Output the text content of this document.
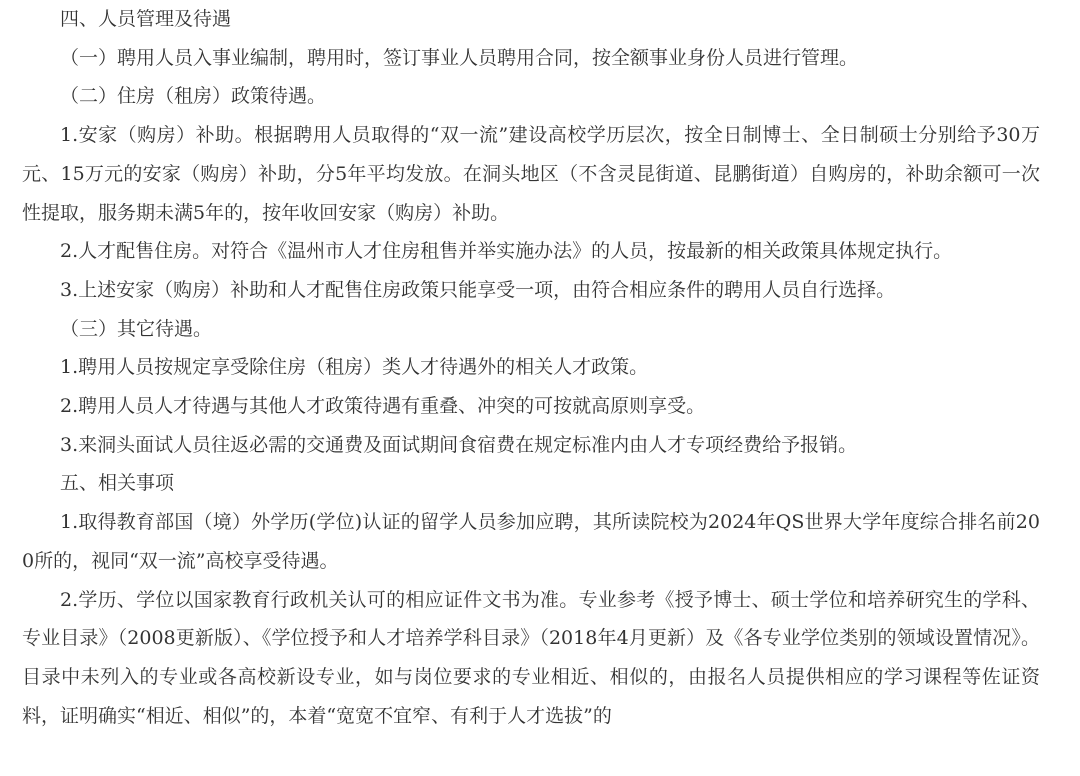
四、人员管理及待遇

（一）聘用人员入事业编制，聘用时，签订事业人员聘用合同，按全额事业身份人员进行管理。

（二）住房（租房）政策待遇。

1.安家（购房）补助。根据聘用人员取得的“双一流”建设高校学历层次，按全日制博士、全日制硕士分别给予30万元、15万元的安家（购房）补助，分5年平均发放。在洞头地区（不含灵昆街道、昆鹏街道）自购房的，补助余额可一次性提取，服务期未满5年的，按年收回安家（购房）补助。

2.人才配售住房。对符合《温州市人才住房租售并举实施办法》的人员，按最新的相关政策具体规定执行。

3.上述安家（购房）补助和人才配售住房政策只能享受一项，由符合相应条件的聘用人员自行选择。

（三）其它待遇。

1.聘用人员按规定享受除住房（租房）类人才待遇外的相关人才政策。

2.聘用人员人才待遇与其他人才政策待遇有重叠、冲突的可按就高原则享受。

3.来洞头面试人员往返必需的交通费及面试期间食宿费在规定标准内由人才专项经费给予报销。

五、相关事项

1.取得教育部国（境）外学历(学位)认证的留学人员参加应聘，其所读院校为2024年QS世界大学年度综合排名前200所的，视同“双一流”高校享受待遇。

2.学历、学位以国家教育行政机关认可的相应证件文书为准。专业参考《授予博士、硕士学位和培养研究生的学科、专业目录》（2008更新版）、《学位授予和人才培养学科目录》（2018年4月更新）及《各专业学位类别的领域设置情况》。目录中未列入的专业或各高校新设专业，如与岗位要求的专业相近、相似的，由报名人员提供相应的学习课程等佐证资料，证明确实“相近、相似”的，本着“宽宽不宜窄、有利于人才选拔”的
